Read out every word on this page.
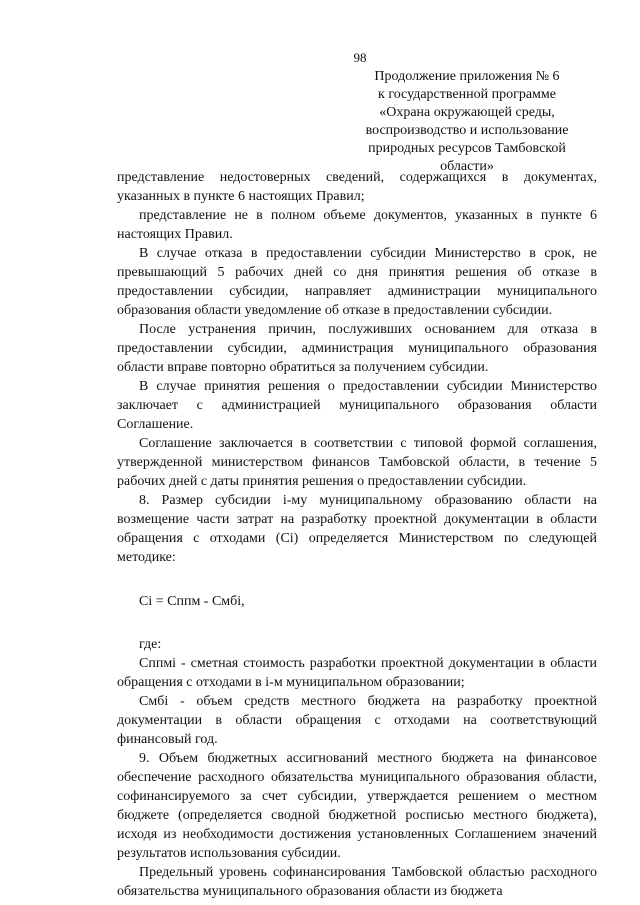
98
Продолжение приложения № 6
к государственной программе
«Охрана окружающей среды,
воспроизводство и использование
природных ресурсов Тамбовской
области»

представление недостоверных сведений, содержащихся в документах, указанных в пункте 6 настоящих Правил;

представление не в полном объеме документов, указанных в пункте 6 настоящих Правил.

В случае отказа в предоставлении субсидии Министерство в срок, не превышающий 5 рабочих дней со дня принятия решения об отказе в предоставлении субсидии, направляет администрации муниципального образования области уведомление об отказе в предоставлении субсидии.

После устранения причин, послуживших основанием для отказа в предоставлении субсидии, администрация муниципального образования области вправе повторно обратиться за получением субсидии.

В случае принятия решения о предоставлении субсидии Министерство заключает с администрацией муниципального образования области Соглашение.

Соглашение заключается в соответствии с типовой формой соглашения, утвержденной министерством финансов Тамбовской области, в течение 5 рабочих дней с даты принятия решения о предоставлении субсидии.

8. Размер субсидии i-му муниципальному образованию области на возмещение части затрат на разработку проектной документации в области обращения с отходами (Ci) определяется Министерством по следующей методике:

Ci = Сппм - Смбi,

где:

Сппмi - сметная стоимость разработки проектной документации в области обращения с отходами в i-м муниципальном образовании;

Смбi - объем средств местного бюджета на разработку проектной документации в области обращения с отходами на соответствующий финансовый год.

9. Объем бюджетных ассигнований местного бюджета на финансовое обеспечение расходного обязательства муниципального образования области, софинансируемого за счет субсидии, утверждается решением о местном бюджете (определяется сводной бюджетной росписью местного бюджета), исходя из необходимости достижения установленных Соглашением значений результатов использования субсидии.

Предельный уровень софинансирования Тамбовской областью расходного обязательства муниципального образования области из бюджета
